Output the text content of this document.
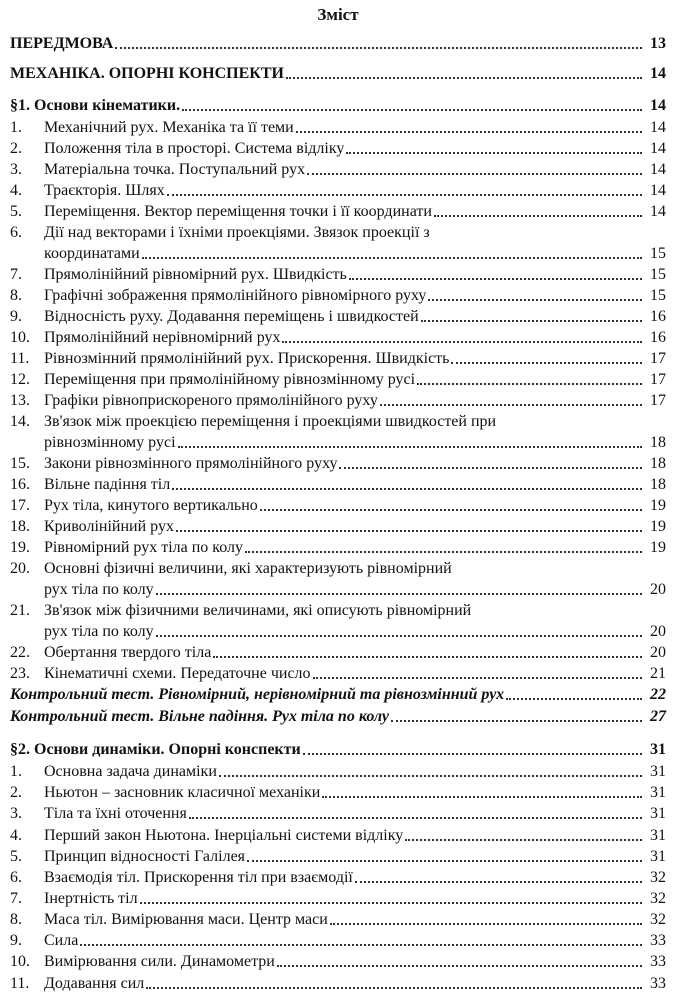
Зміст
ПЕРЕДМОВА	13
МЕХАНІКА. ОПОРНІ КОНСПЕКТИ	14
§1. Основи кінематики.	14
1.	Механічний рух. Механіка та її теми	14
2.	Положення тіла в просторі. Система відліку	14
3.	Матеріальна точка. Поступальний рух	14
4.	Траєкторія. Шлях	14
5.	Переміщення. Вектор переміщення точки і її координати	14
6.	Дії над векторами і їхніми проекціями. Звязок проекції з
координатами	15
7.	Прямолінійний рівномірний рух. Швидкість	15
8.	Графічні зображення прямолінійного рівномірного руху	15
9.	Відносність руху. Додавання переміщень і швидкостей	16
10. Прямолінійний нерівномірний рух	16
11. Рівнозмінний прямолінійний рух. Прискорення. Швидкість	17
12. Переміщення при прямолінійному рівнозмінному русі	17
13. Графіки рівноприскореного прямолінійного руху	17
14. Зв'язок між проекцією переміщення і проекціями швидкостей при
рівнозмінному русі	18
15. Закони рівнозмінного прямолінійного руху	18
16. Вільне падіння тіл	18
17. Рух тіла, кинутого вертикально	19
18. Криволінійний рух	19
19. Рівномірний рух тіла по колу	19
20. Основні фізичні величини, які характеризують рівномірний
рух тіла по колу	20
21. Зв'язок між фізичними величинами, які описують рівномірний
рух тіла по колу	20
22. Обертання твердого тіла	20
23. Кінематичні схеми. Передаточне число	21
Контрольний тест. Рівномірний, нерівномірний та рівнозмінний рух	22
Контрольний тест. Вільне падіння. Рух тіла по колу	27
§2. Основи динаміки. Опорні конспекти	31
1.	Основна задача динаміки	31
2.	Ньютон – засновник класичної механіки	31
3.	Тіла та їхні оточення	31
4.	Перший закон Ньютона. Інерціальні системи відліку	31
5.	Принцип відносності Галілея	31
6.	Взаємодія тіл. Прискорення тіл при взаємодії	32
7.	Інертність тіл	32
8.	Маса тіл. Вимірювання маси. Центр маси	32
9.	Сила	33
10. Вимірювання сили. Динамометри	33
11. Додавання сил	33
